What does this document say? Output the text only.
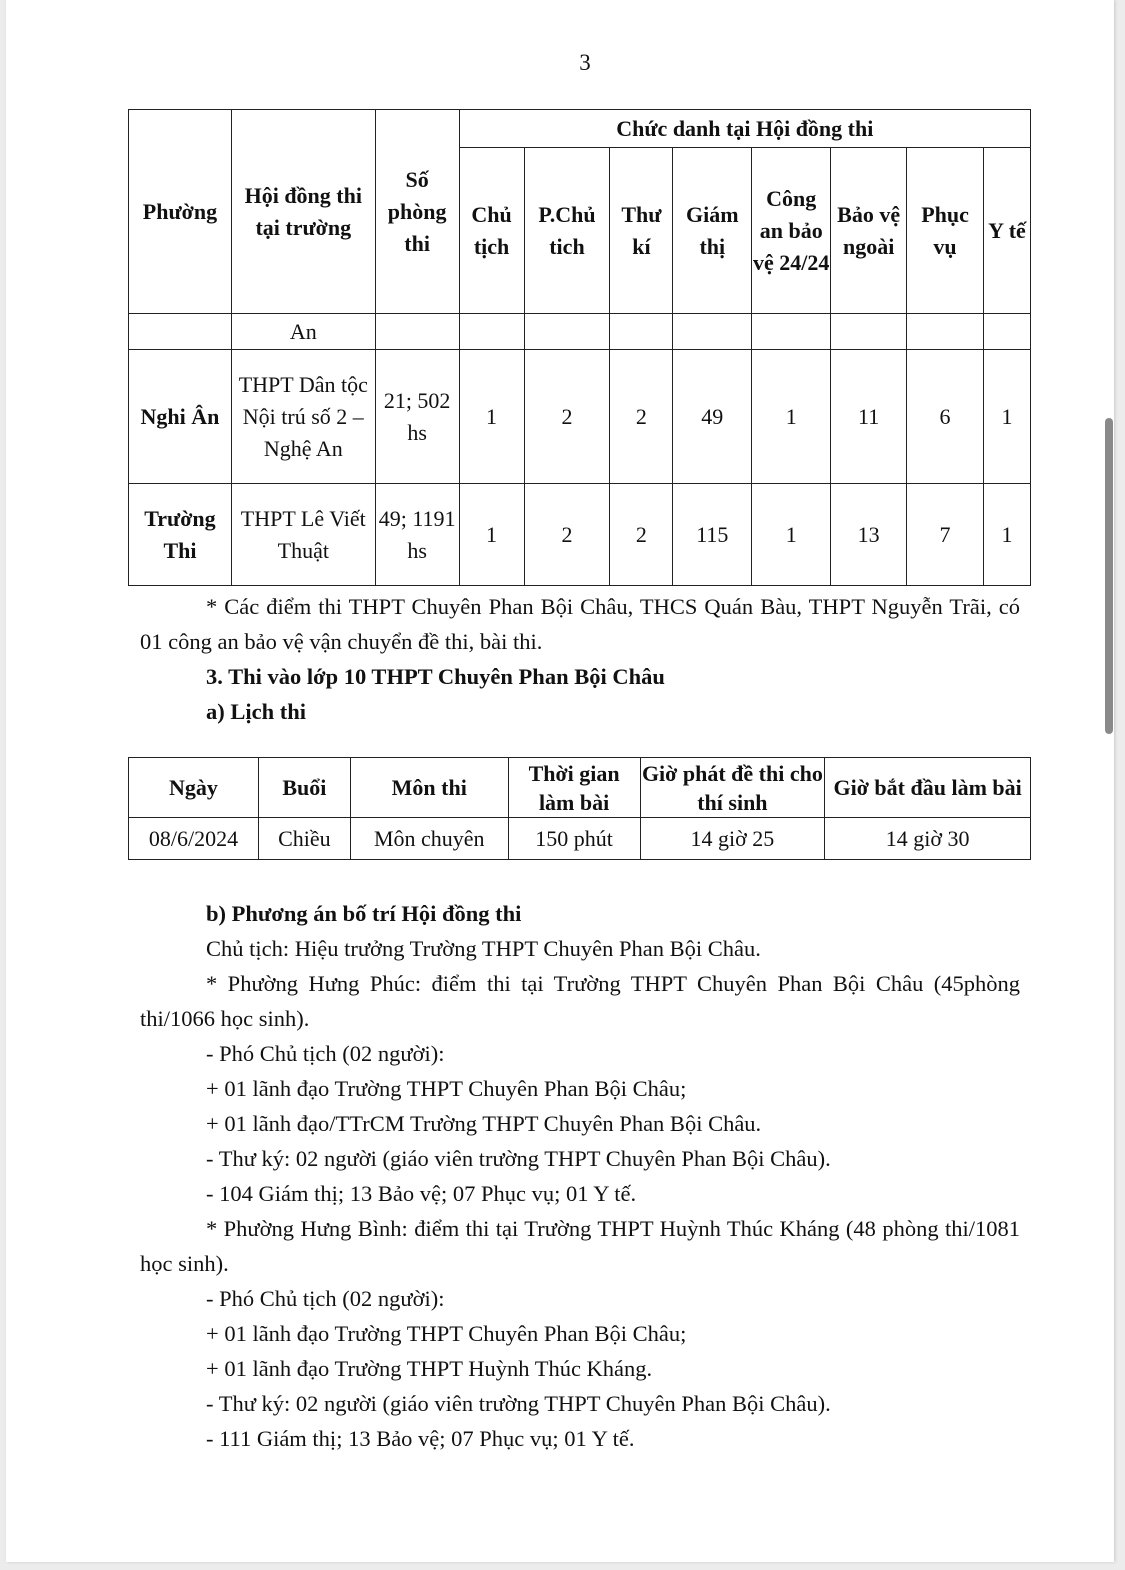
3
Phường	Hội đồng thi tại trường	Số phòng thi	Chức danh tại Hội đồng thi							
			Chủ tịch	P.Chủ tich	Thư kí	Giám thị	Công an bảo vệ 24/24	Bảo vệ ngoài	Phục vụ	Y tế
	An									
Nghi Ân	THPT Dân tộc Nội trú số 2 – Nghệ An	21; 502 hs	1	2	2	49	1	11	6	1
Trường Thi	THPT Lê Viết Thuật	49; 1191 hs	1	2	2	115	1	13	7	1

* Các điểm thi THPT Chuyên Phan Bội Châu, THCS Quán Bàu, THPT Nguyễn Trãi, có 01 công an bảo vệ vận chuyển đề thi, bài thi.

3. Thi vào lớp 10 THPT Chuyên Phan Bội Châu

a) Lịch thi

Ngày	Buổi	Môn thi	Thời gian làm bài	Giờ phát đề thi cho thí sinh	Giờ bắt đầu làm bài
08/6/2024	Chiều	Môn chuyên	150 phút	14 giờ 25	14 giờ 30

b) Phương án bố trí Hội đồng thi

Chủ tịch: Hiệu trưởng Trường THPT Chuyên Phan Bội Châu.

* Phường Hưng Phúc: điểm thi tại Trường THPT Chuyên Phan Bội Châu (45phòng thi/1066 học sinh).

- Phó Chủ tịch (02 người):

+ 01 lãnh đạo Trường THPT Chuyên Phan Bội Châu;

+ 01 lãnh đạo/TTrCM Trường THPT Chuyên Phan Bội Châu.

- Thư ký: 02 người (giáo viên trường THPT Chuyên Phan Bội Châu).

- 104 Giám thị; 13 Bảo vệ; 07 Phục vụ; 01 Y tế.

* Phường Hưng Bình: điểm thi tại Trường THPT Huỳnh Thúc Kháng (48 phòng thi/1081 học sinh).

- Phó Chủ tịch (02 người):

+ 01 lãnh đạo Trường THPT Chuyên Phan Bội Châu;

+ 01 lãnh đạo Trường THPT Huỳnh Thúc Kháng.

- Thư ký: 02 người (giáo viên trường THPT Chuyên Phan Bội Châu).

- 111 Giám thị; 13 Bảo vệ; 07 Phục vụ; 01 Y tế.
